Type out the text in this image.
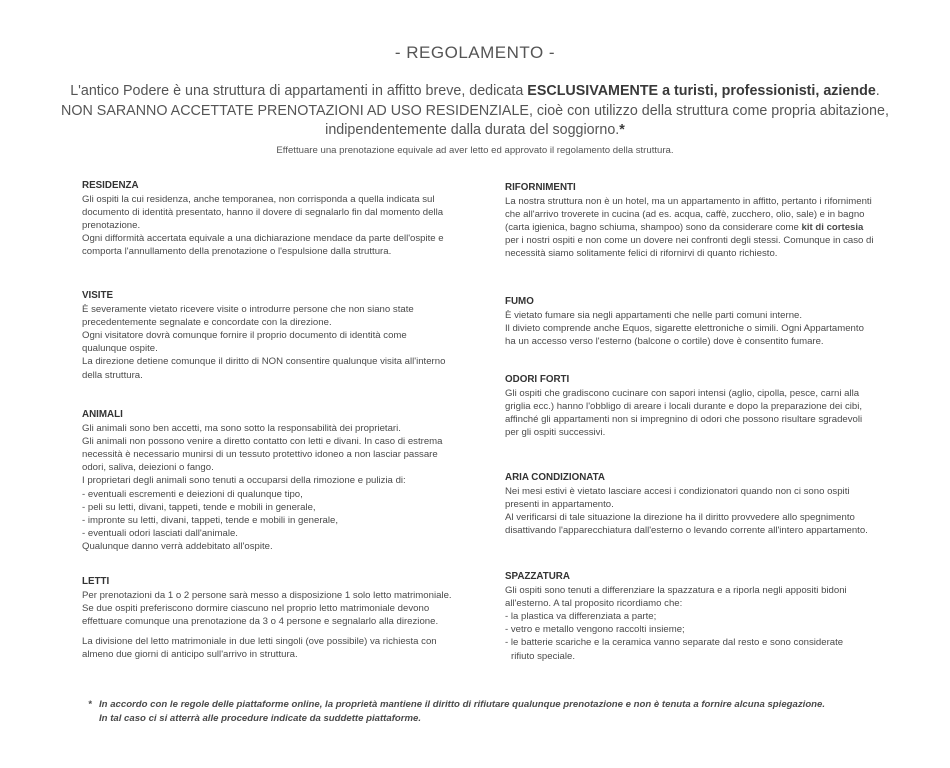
- REGOLAMENTO -
L'antico Podere è una struttura di appartamenti in affitto breve, dedicata ESCLUSIVAMENTE a turisti, professionisti, aziende.
NON SARANNO ACCETTATE PRENOTAZIONI AD USO RESIDENZIALE, cioè con utilizzo della struttura come propria abitazione,
indipendentemente dalla durata del soggiorno.*
Effettuare una prenotazione equivale ad aver letto ed approvato il regolamento della struttura.
RESIDENZA

Gli ospiti la cui residenza, anche temporanea, non corrisponda a quella indicata sul documento di identità presentato, hanno il dovere di segnalarlo fin dal momento della prenotazione.

Ogni difformità accertata equivale a una dichiarazione mendace da parte dell'ospite e comporta l'annullamento della prenotazione o l'espulsione dalla struttura.

VISITE

È severamente vietato ricevere visite o introdurre persone che non siano state precedentemente segnalate e concordate con la direzione.

Ogni visitatore dovrà comunque fornire il proprio documento di identità come qualunque ospite.

La direzione detiene comunque il diritto di NON consentire qualunque visita all'interno della struttura.

ANIMALI

Gli animali sono ben accetti, ma sono sotto la responsabilità dei proprietari.

Gli animali non possono venire a diretto contatto con letti e divani. In caso di estrema necessità è necessario munirsi di un tessuto protettivo idoneo a non lasciar passare odori, saliva, deiezioni o fango.

I proprietari degli animali sono tenuti a occuparsi della rimozione e pulizia di:

- eventuali escrementi e deiezioni di qualunque tipo,
- peli su letti, divani, tappeti, tende e mobili in generale,
- impronte su letti, divani, tappeti, tende e mobili in generale,
- eventuali odori lasciati dall'animale.

Qualunque danno verrà addebitato all'ospite.

LETTI

Per prenotazioni da 1 o 2 persone sarà messo a disposizione 1 solo letto matrimoniale.

Se due ospiti preferiscono dormire ciascuno nel proprio letto matrimoniale devono effettuare comunque una prenotazione da 3 o 4 persone e segnalarlo alla direzione.

La divisione del letto matrimoniale in due letti singoli (ove possibile) va richiesta con almeno due giorni di anticipo sull'arrivo in struttura.

RIFORNIMENTI

La nostra struttura non è un hotel, ma un appartamento in affitto, pertanto i rifornimenti che all'arrivo troverete in cucina (ad es. acqua, caffè, zucchero, olio, sale) e in bagno (carta igienica, bagno schiuma, shampoo) sono da considerare come kit di cortesia per i nostri ospiti e non come un dovere nei confronti degli stessi. Comunque in caso di necessità siamo solitamente felici di rifornirvi di quanto richiesto.

FUMO

È vietato fumare sia negli appartamenti che nelle parti comuni interne.

Il divieto comprende anche Equos, sigarette elettroniche o simili. Ogni Appartamento ha un accesso verso l'esterno (balcone o cortile) dove è consentito fumare.

ODORI FORTI

Gli ospiti che gradiscono cucinare con sapori intensi (aglio, cipolla, pesce, carni alla griglia ecc.) hanno l'obbligo di areare i locali durante e dopo la preparazione dei cibi, affinché gli appartamenti non si impregnino di odori che possono risultare sgradevoli per gli ospiti successivi.

ARIA CONDIZIONATA

Nei mesi estivi è vietato lasciare accesi i condizionatori quando non ci sono ospiti presenti in appartamento.

Al verificarsi di tale situazione la direzione ha il diritto provvedere allo spegnimento disattivando l'apparecchiatura dall'esterno o levando corrente all'intero appartamento.

SPAZZATURA

Gli ospiti sono tenuti a differenziare la spazzatura e a riporla negli appositi bidoni all'esterno. A tal proposito ricordiamo che:

- la plastica va differenziata a parte;
- vetro e metallo vengono raccolti insieme;
- le batterie scariche e la ceramica vanno separate dal resto e sono considerate
rifiuto speciale.
* In accordo con le regole delle piattaforme online, la proprietà mantiene il diritto di rifiutare qualunque prenotazione e non è tenuta a fornire alcuna spiegazione.
In tal caso ci si atterrà alle procedure indicate da suddette piattaforme.
